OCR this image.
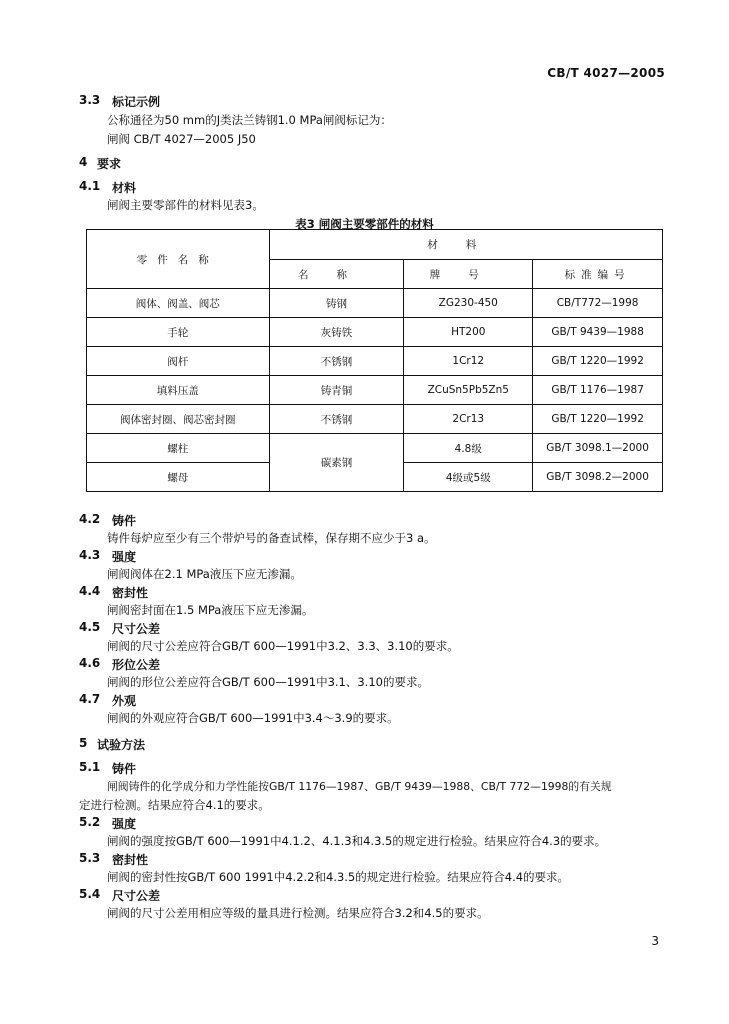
CB/T 4027—2005
3.3 标记示例
公称通径为50 mm的J类法兰铸钢1.0 MPa闸阀标记为：
闸阀 CB/T 4027—2005 J50
4 要求
4.1 材料
闸阀主要零部件的材料见表3。
表3 闸阀主要零部件的材料
零件名称	材料		
	名称	牌号	标准编号
阀体、阀盖、阀芯	铸钢	ZG230-450	CB/T772—1998
手轮	灰铸铁	HT200	GB/T 9439—1988
阀杆	不锈钢	1Cr12	GB/T 1220—1992
填料压盖	铸青铜	ZCuSn5Pb5Zn5	GB/T 1176—1987
阀体密封圈、阀芯密封圈	不锈钢	2Cr13	GB/T 1220—1992
螺柱	碳素钢	4.8级	GB/T 3098.1—2000
螺母		4级或5级	GB/T 3098.2—2000
4.2 铸件
铸件每炉应至少有三个带炉号的备查试棒，保存期不应少于3 a。
4.3 强度
闸阀阀体在2.1 MPa液压下应无渗漏。
4.4 密封性
闸阀密封面在1.5 MPa液压下应无渗漏。
4.5 尺寸公差
闸阀的尺寸公差应符合GB/T 600—1991中3.2、3.3、3.10的要求。
4.6 形位公差
闸阀的形位公差应符合GB/T 600—1991中3.1、3.10的要求。
4.7 外观
闸阀的外观应符合GB/T 600—1991中3.4～3.9的要求。
5 试验方法
5.1 铸件
闸阀铸件的化学成分和力学性能按GB/T 1176—1987、GB/T 9439—1988、CB/T 772—1998的有关规
定进行检测。结果应符合4.1的要求。
5.2 强度
闸阀的强度按GB/T 600—1991中4.1.2、4.1.3和4.3.5的规定进行检验。结果应符合4.3的要求。
5.3 密封性
闸阀的密封性按GB/T 600 1991中4.2.2和4.3.5的规定进行检验。结果应符合4.4的要求。
5.4 尺寸公差
闸阀的尺寸公差用相应等级的量具进行检测。结果应符合3.2和4.5的要求。
3
